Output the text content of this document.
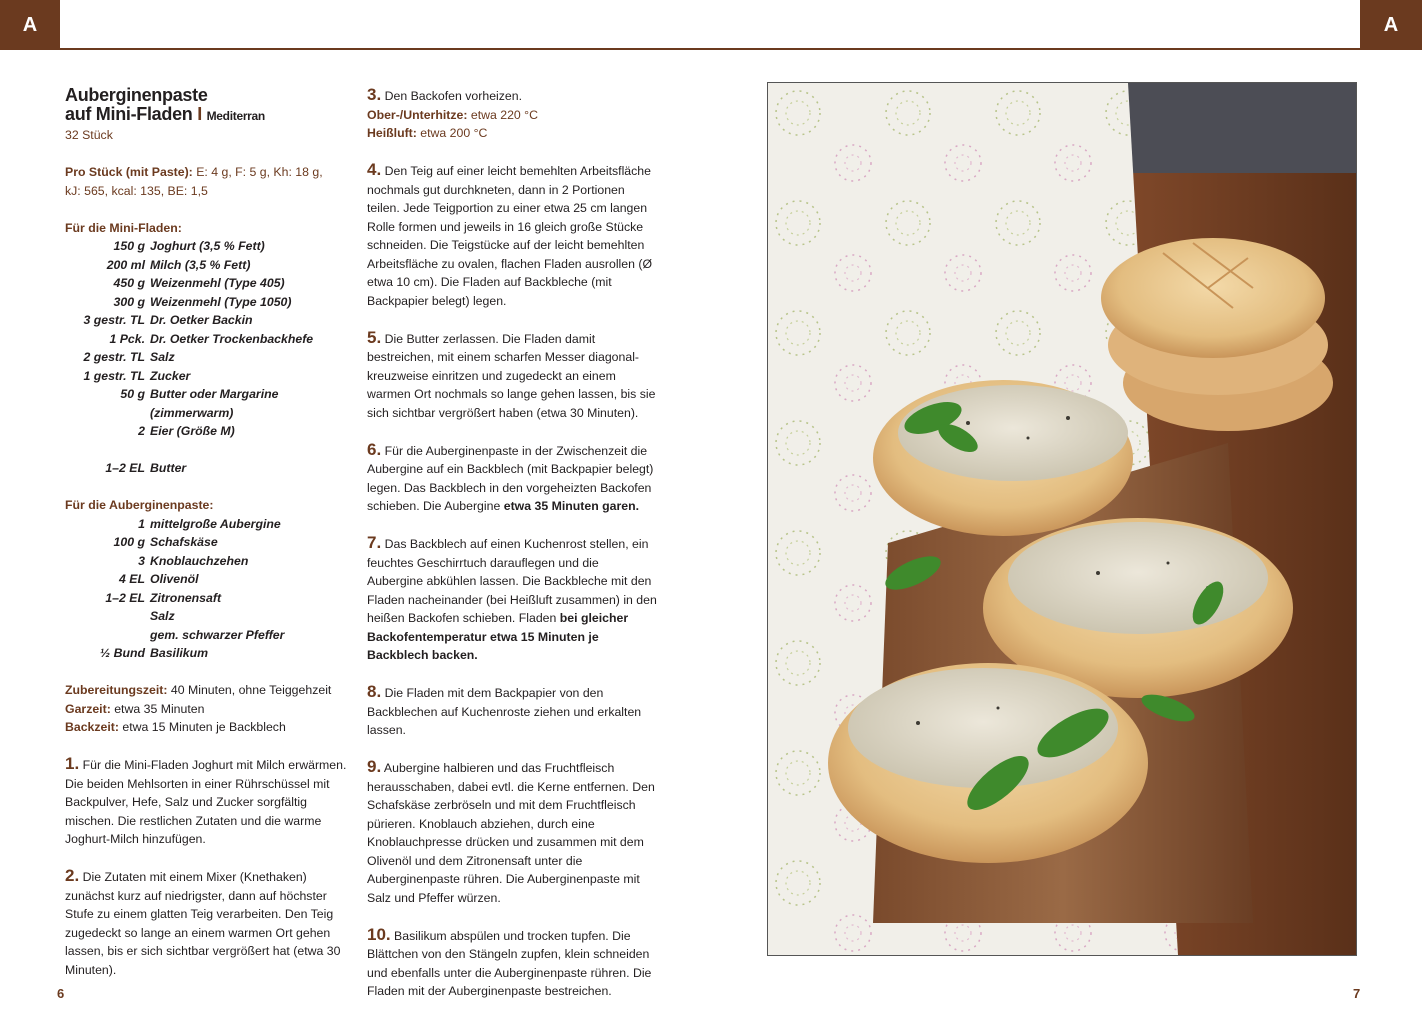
A	A
Auberginenpaste
auf Mini-Fladen I Mediterran
32 Stück
Pro Stück (mit Paste): E: 4 g, F: 5 g, Kh: 18 g,
kJ: 565, kcal: 135, BE: 1,5
Für die Mini-Fladen:
150 g	Joghurt (3,5 % Fett)
200 ml	Milch (3,5 % Fett)
450 g	Weizenmehl (Type 405)
300 g	Weizenmehl (Type 1050)
3 gestr. TL	Dr. Oetker Backin
1 Pck.	Dr. Oetker Trockenbackhefe
2 gestr. TL	Salz
1 gestr. TL	Zucker
50 g	Butter oder Margarine
	(zimmerwarm)
2	Eier (Größe M)

1–2 EL	Butter
Für die Auberginenpaste:
1	mittelgroße Aubergine
100 g	Schafskäse
3	Knoblauchzehen
4 EL	Olivenöl
1–2 EL	Zitronensaft
	Salz
	gem. schwarzer Pfeffer
½ Bund	Basilikum
Zubereitungszeit: 40 Minuten, ohne Teiggehzeit
Garzeit: etwa 35 Minuten
Backzeit: etwa 15 Minuten je Backblech

1. Für die Mini-Fladen Joghurt mit Milch erwärmen. Die beiden Mehlsorten in einer Rührschüssel mit Backpulver, Hefe, Salz und Zucker sorgfältig mischen. Die restlichen Zutaten und die warme Joghurt-Milch hinzufügen.

2. Die Zutaten mit einem Mixer (Knethaken) zunächst kurz auf niedrigster, dann auf höchster Stufe zu einem glatten Teig verarbeiten. Den Teig zugedeckt so lange an einem warmen Ort gehen lassen, bis er sich sichtbar vergrößert hat (etwa 30 Minuten).

3. Den Backofen vorheizen.

Ober-/Unterhitze: etwa 220 °C

Heißluft: etwa 200 °C

4. Den Teig auf einer leicht bemehlten Arbeitsfläche nochmals gut durchkneten, dann in 2 Portionen teilen. Jede Teigportion zu einer etwa 25 cm langen Rolle formen und jeweils in 16 gleich große Stücke schneiden. Die Teigstücke auf der leicht bemehlten Arbeitsfläche zu ovalen, flachen Fladen ausrollen (Ø etwa 10 cm). Die Fladen auf Backbleche (mit Backpapier belegt) legen.

5. Die Butter zerlassen. Die Fladen damit bestreichen, mit einem scharfen Messer diagonal-kreuzweise einritzen und zugedeckt an einem warmen Ort nochmals so lange gehen lassen, bis sie sich sichtbar vergrößert haben (etwa 30 Minuten).

6. Für die Auberginenpaste in der Zwischenzeit die Aubergine auf ein Backblech (mit Backpapier belegt) legen. Das Backblech in den vorgeheizten Backofen schieben. Die Aubergine etwa 35 Minuten garen.

7. Das Backblech auf einen Kuchenrost stellen, ein feuchtes Geschirrtuch darauflegen und die Aubergine abkühlen lassen. Die Backbleche mit den Fladen nacheinander (bei Heißluft zusammen) in den heißen Backofen schieben. Fladen bei gleicher Backofentemperatur etwa 15 Minuten je Backblech backen.

8. Die Fladen mit dem Backpapier von den Backblechen auf Kuchenroste ziehen und erkalten lassen.

9. Aubergine halbieren und das Fruchtfleisch herausschaben, dabei evtl. die Kerne entfernen. Den Schafskäse zerbröseln und mit dem Fruchtfleisch pürieren. Knoblauch abziehen, durch eine Knoblauchpresse drücken und zusammen mit dem Olivenöl und dem Zitronensaft unter die Auberginenpaste rühren. Die Auberginenpaste mit Salz und Pfeffer würzen.

10. Basilikum abspülen und trocken tupfen. Die Blättchen von den Stängeln zupfen, klein schneiden und ebenfalls unter die Auberginenpaste rühren. Die Fladen mit der Auberginenpaste bestreichen.

6	7
